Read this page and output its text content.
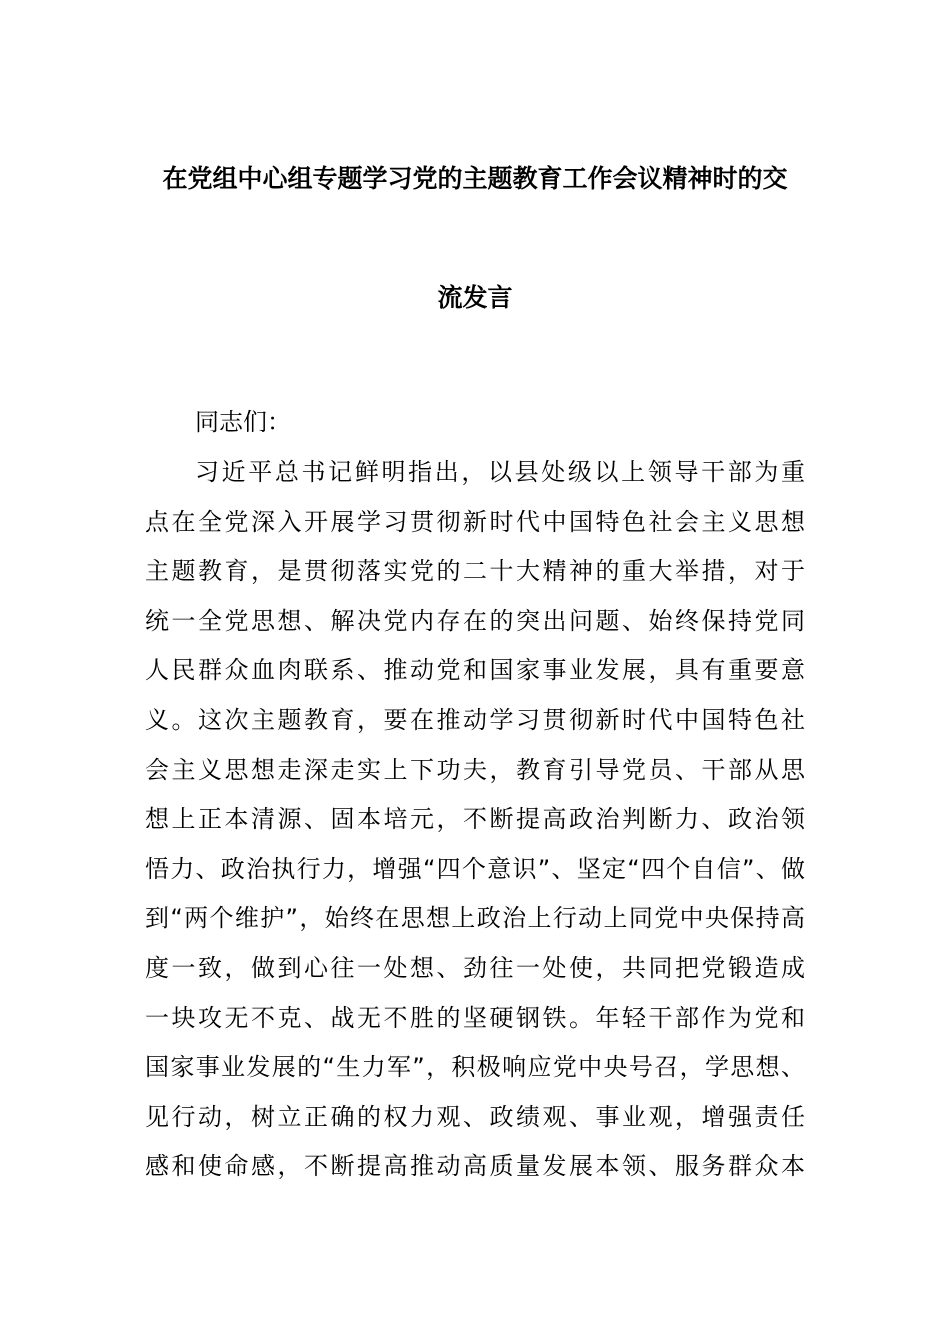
在党组中心组专题学习党的主题教育工作会议精神时的交
流发言
同志们：
习近平总书记鲜明指出，以县处级以上领导干部为重
点在全党深入开展学习贯彻新时代中国特色社会主义思想
主题教育，是贯彻落实党的二十大精神的重大举措，对于
统一全党思想、解决党内存在的突出问题、始终保持党同
人民群众血肉联系、推动党和国家事业发展，具有重要意
义。这次主题教育，要在推动学习贯彻新时代中国特色社
会主义思想走深走实上下功夫，教育引导党员、干部从思
想上正本清源、固本培元，不断提高政治判断力、政治领
悟力、政治执行力，增强“四个意识”、坚定“四个自信”、做
到“两个维护”，始终在思想上政治上行动上同党中央保持高
度一致，做到心往一处想、劲往一处使，共同把党锻造成
一块攻无不克、战无不胜的坚硬钢铁。年轻干部作为党和
国家事业发展的“生力军”，积极响应党中央号召，学思想、
见行动，树立正确的权力观、政绩观、事业观，增强责任
感和使命感，不断提高推动高质量发展本领、服务群众本
